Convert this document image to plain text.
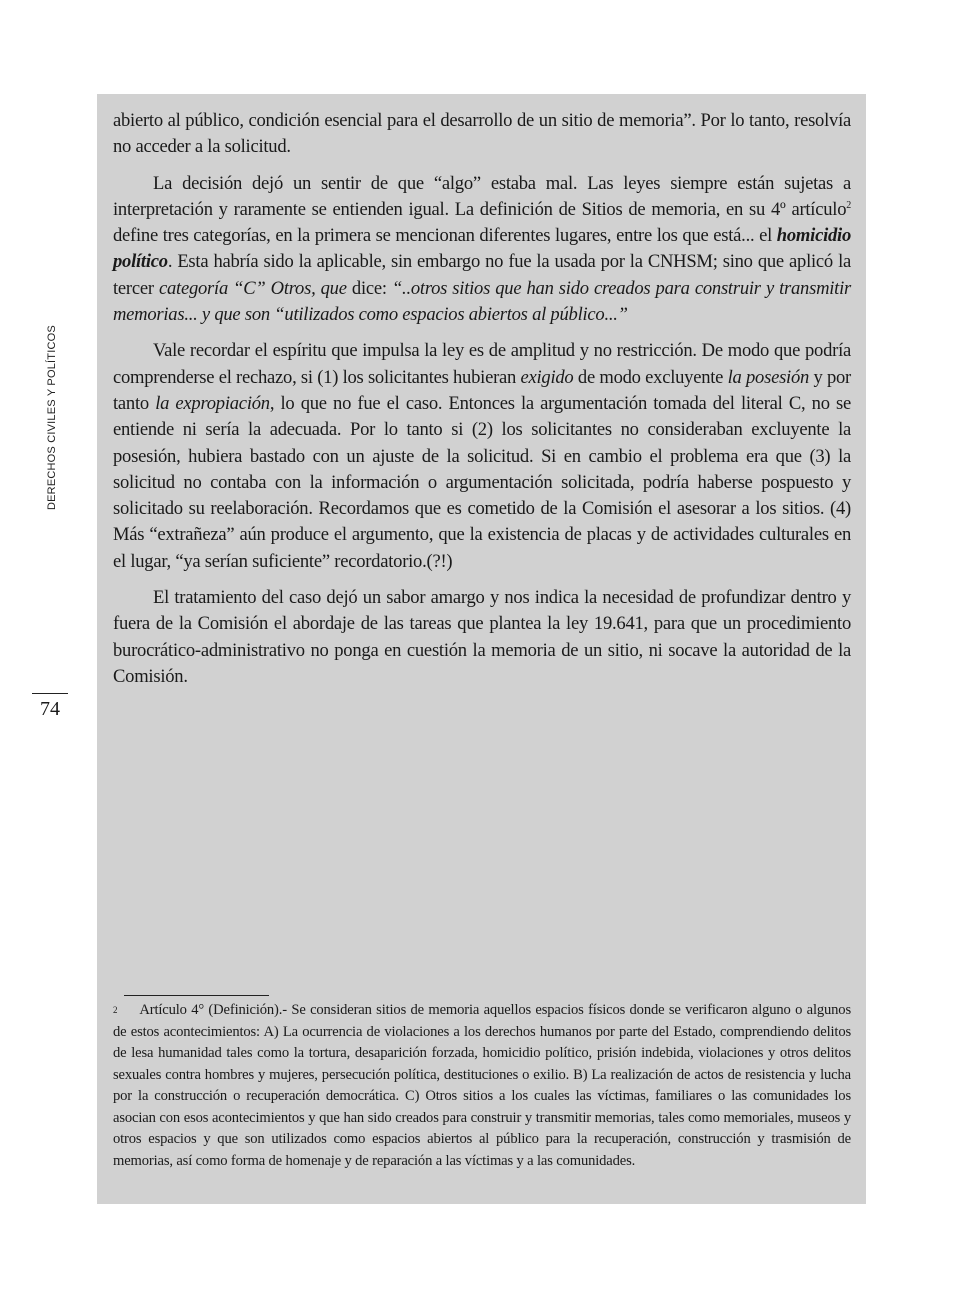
DERECHOS CIVILES Y POLÍTICOS
74

abierto al público, condición esencial para el desarrollo de un sitio de memoria”. Por lo tanto, resolvía no acceder a la solicitud.

La decisión dejó un sentir de que “algo” estaba mal. Las leyes siempre están sujetas a interpretación y raramente se entienden igual. La definición de Sitios de memoria, en su 4º artículo$^2$ define tres categorías, en la primera se mencionan diferentes lugares, entre los que está... el homicidio político. Esta habría sido la aplicable, sin embargo no fue la usada por la CNHSM; sino que aplicó la tercer categoría “C” Otros, que dice: “..otros sitios que han sido creados para construir y transmitir memorias... y que son “utilizados como espacios abiertos al público...”

Vale recordar el espíritu que impulsa la ley es de amplitud y no restricción. De modo que podría comprenderse el rechazo, si (1) los solicitantes hubieran exigido de modo excluyente la posesión y por tanto la expropiación, lo que no fue el caso. Entonces la argumentación tomada del literal C, no se entiende ni sería la adecuada. Por lo tanto si (2) los solicitantes no consideraban excluyente la posesión, hubiera bastado con un ajuste de la solicitud. Si en cambio el problema era que (3) la solicitud no contaba con la información o argumentación solicitada, podría haberse pospuesto y solicitado su reelaboración. Recordamos que es cometido de la Comisión el asesorar a los sitios. (4) Más “extrañeza” aún produce el argumento, que la existencia de placas y de actividades culturales en el lugar, “ya serían suficiente” recordatorio.(?!)

El tratamiento del caso dejó un sabor amargo y nos indica la necesidad de profundizar dentro y fuera de la Comisión el abordaje de las tareas que plantea la ley 19.641, para que un procedimiento burocrático-administrativo no ponga en cuestión la memoria de un sitio, ni socave la autoridad de la Comisión.

$^2$ Artículo 4° (Definición).- Se consideran sitios de memoria aquellos espacios físicos donde se verificaron alguno o algunos de estos acontecimientos: A) La ocurrencia de violaciones a los derechos humanos por parte del Estado, comprendiendo delitos de lesa humanidad tales como la tortura, desaparición forzada, homicidio político, prisión indebida, violaciones y otros delitos sexuales contra hombres y mujeres, persecución política, destituciones o exilio. B) La realización de actos de resistencia y lucha por la construcción o recuperación democrática. C) Otros sitios a los cuales las víctimas, familiares o las comunidades los asocian con esos acontecimientos y que han sido creados para construir y transmitir memorias, tales como memoriales, museos y otros espacios y que son utilizados como espacios abiertos al público para la recuperación, construcción y trasmisión de memorias, así como forma de homenaje y de reparación a las víctimas y a las comunidades.
